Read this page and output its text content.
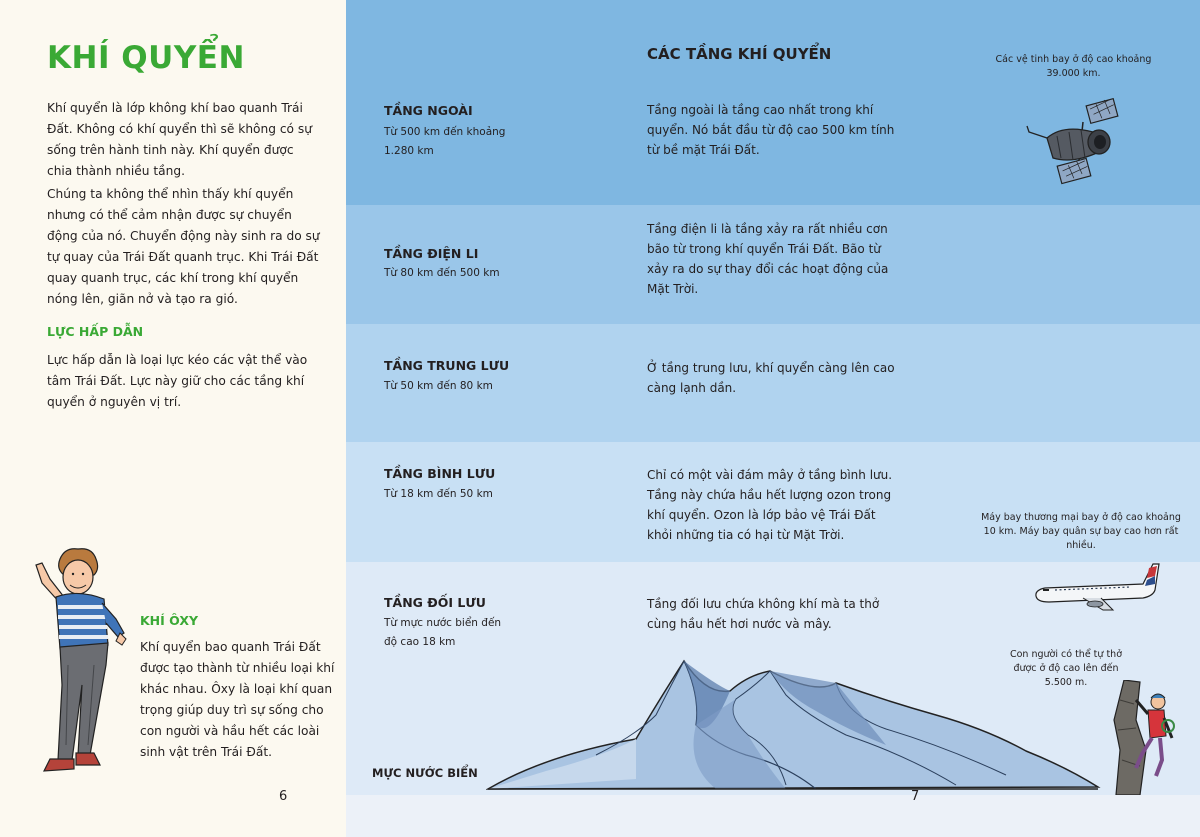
KHÍ QUYỂN

Khí quyển là lớp không khí bao quanh Trái Đất. Không có khí quyển thì sẽ không có sự sống trên hành tinh này. Khí quyển được chia thành nhiều tầng.

Chúng ta không thể nhìn thấy khí quyển nhưng có thể cảm nhận được sự chuyển động của nó. Chuyển động này sinh ra do sự tự quay của Trái Đất quanh trục. Khi Trái Đất quay quanh trục, các khí trong khí quyển nóng lên, giãn nở và tạo ra gió.

LỰC HẤP DẪN

Lực hấp dẫn là loại lực kéo các vật thể vào tâm Trái Đất. Lực này giữ cho các tầng khí quyển ở nguyên vị trí.

KHÍ ÔXY

Khí quyển bao quanh Trái Đất được tạo thành từ nhiều loại khí khác nhau. Ôxy là loại khí quan trọng giúp duy trì sự sống cho con người và hầu hết các loài sinh vật trên Trái Đất.

6
CÁC TẦNG KHÍ QUYỂN
TẦNG NGOÀI
Từ 500 km đến khoảng 1.280 km
Tầng ngoài là tầng cao nhất trong khí quyển. Nó bắt đầu từ độ cao 500 km tính từ bề mặt Trái Đất.
TẦNG ĐIỆN LI
Từ 80 km đến 500 km
Tầng điện li là tầng xảy ra rất nhiều cơn bão từ trong khí quyển Trái Đất. Bão từ xảy ra do sự thay đổi các hoạt động của Mặt Trời.
TẦNG TRUNG LƯU
Từ 50 km đến 80 km
Ở tầng trung lưu, khí quyển càng lên cao càng lạnh dần.
TẦNG BÌNH LƯU
Từ 18 km đến 50 km
Chỉ có một vài đám mây ở tầng bình lưu. Tầng này chứa hầu hết lượng ozon trong khí quyển. Ozon là lớp bảo vệ Trái Đất khỏi những tia có hại từ Mặt Trời.
TẦNG ĐỐI LƯU
Từ mực nước biển đến độ cao 18 km
Tầng đối lưu chứa không khí mà ta thở cùng hầu hết hơi nước và mây.
Các vệ tinh bay ở độ cao khoảng 39.000 km.
Máy bay thương mại bay ở độ cao khoảng 10 km. Máy bay quân sự bay cao hơn rất nhiều.
Con người có thể tự thở được ở độ cao lên đến 5.500 m.
MỰC NƯỚC BIỂN
7
